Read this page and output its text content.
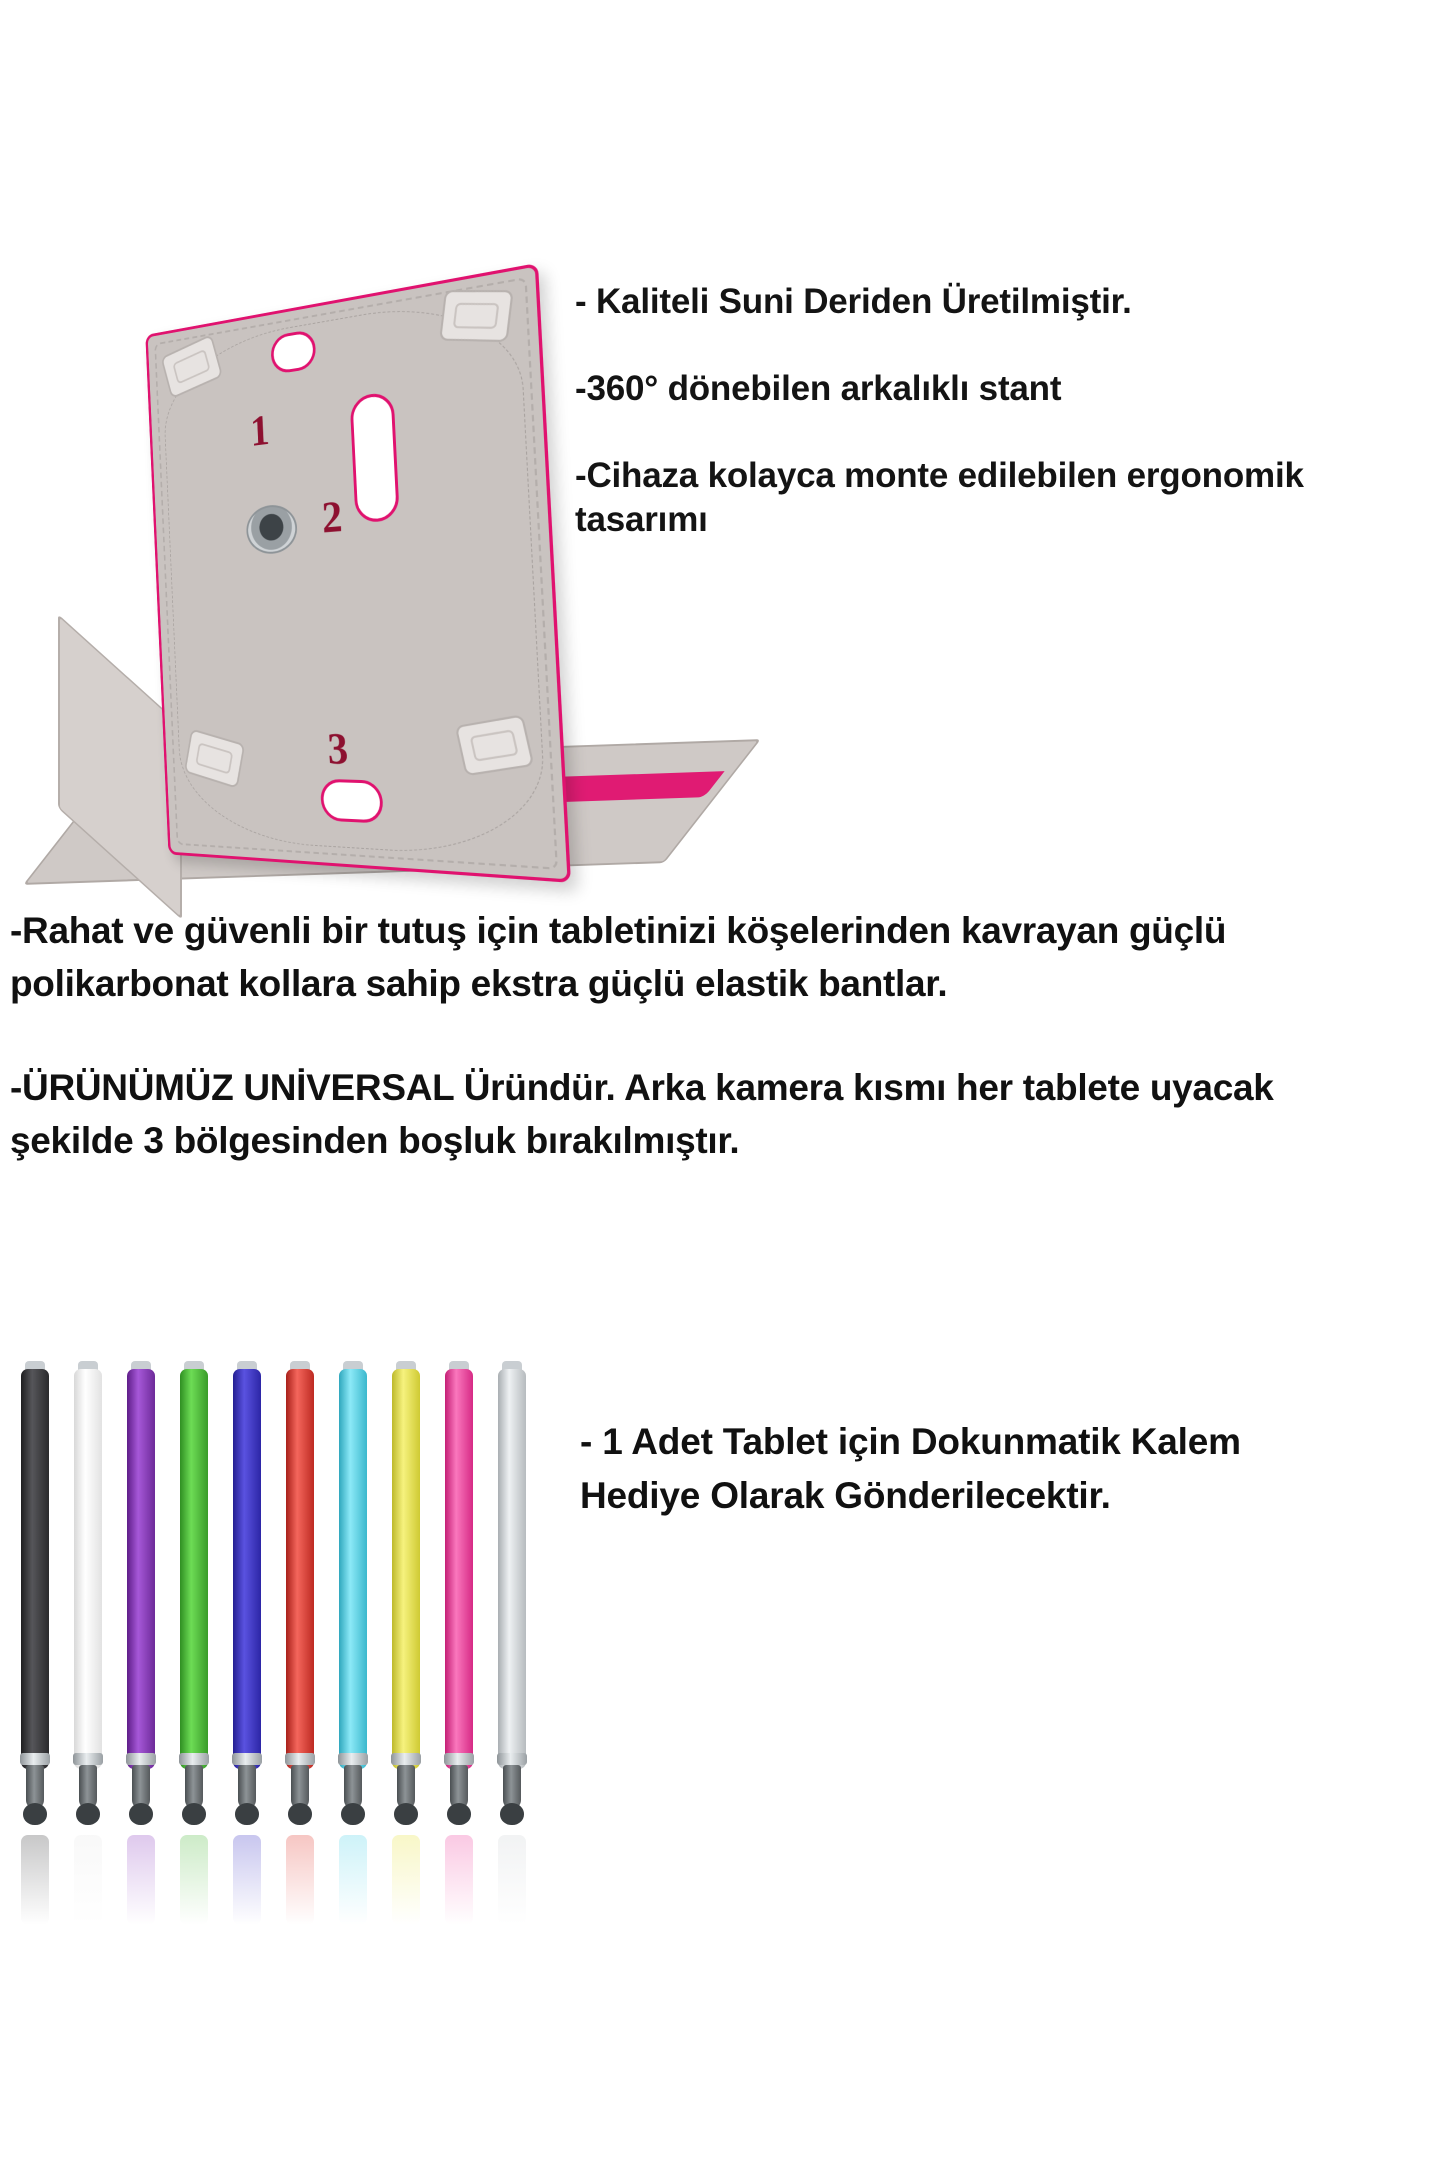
1
2
3

- Kaliteli Suni Deriden Üretilmiştir.

-360° dönebilen arkalıklı stant

-Cihaza kolayca monte edilebilen ergonomik tasarımı

-Rahat ve güvenli bir tutuş için tabletinizi köşelerinden kavrayan güçlü polikarbonat kollara sahip ekstra güçlü elastik bantlar.

-ÜRÜNÜMÜZ UNİVERSAL Üründür. Arka kamera kısmı her tablete uyacak şekilde 3 bölgesinden boşluk bırakılmıştır.

- 1 Adet Tablet için Dokunmatik Kalem Hediye Olarak Gönderilecektir.
